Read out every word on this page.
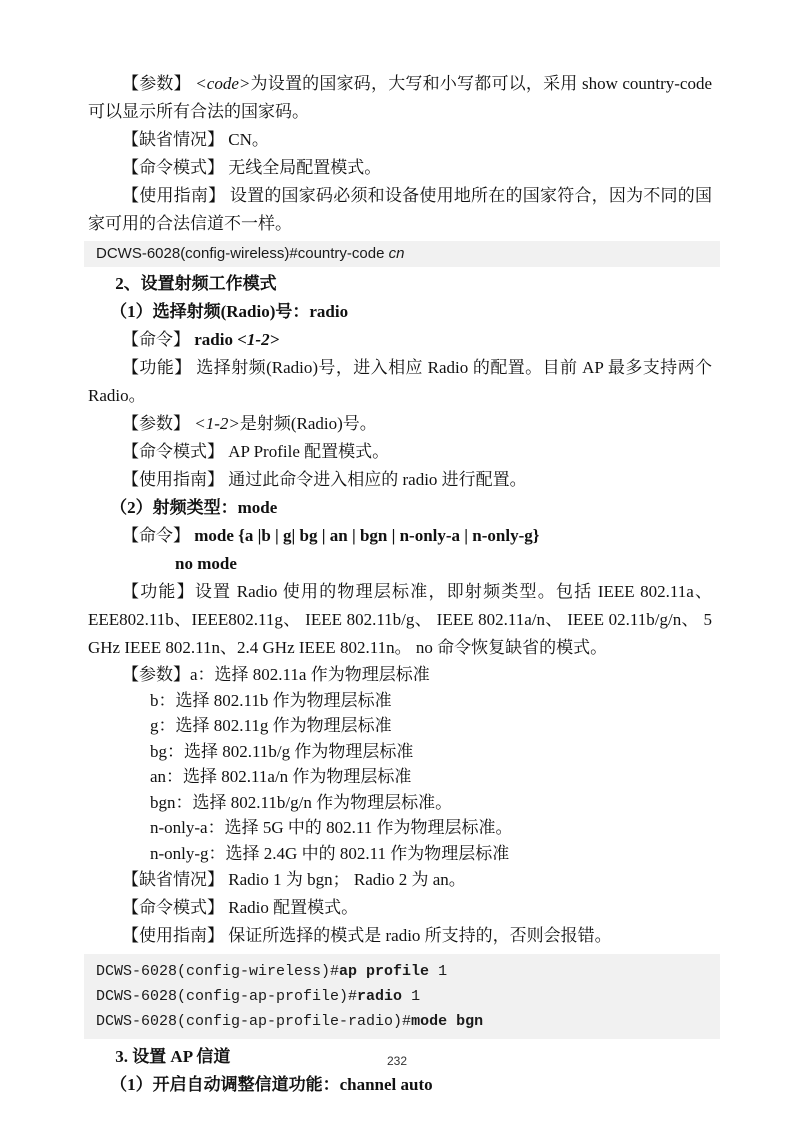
【参数】 <code>为设置的国家码，大写和小写都可以，采用 show country-code 可以显示所有合法的国家码。

【缺省情况】 CN。

【命令模式】 无线全局配置模式。

【使用指南】 设置的国家码必须和设备使用地所在的国家符合，因为不同的国家可用的合法信道不一样。

DCWS-6028(config-wireless)#country-code cn

2、设置射频工作模式

（1）选择射频(Radio)号：radio

【命令】 radio <1-2>

【功能】 选择射频(Radio)号，进入相应 Radio 的配置。目前 AP 最多支持两个 Radio。

【参数】 <1-2>是射频(Radio)号。

【命令模式】 AP Profile 配置模式。

【使用指南】 通过此命令进入相应的 radio 进行配置。

（2）射频类型：mode

【命令】 mode {a |b | g| bg | an | bgn | n-only-a | n-only-g}

no mode

【功能】设置 Radio 使用的物理层标准，即射频类型。包括 IEEE 802.11a、EEE802.11b、IEEE802.11g、 IEEE 802.11b/g、 IEEE 802.11a/n、 IEEE 02.11b/g/n、 5 GHz IEEE 802.11n、2.4 GHz IEEE 802.11n。 no 命令恢复缺省的模式。

【参数】a：选择 802.11a 作为物理层标准

b：选择 802.11b 作为物理层标准

g：选择 802.11g 作为物理层标准

bg：选择 802.11b/g 作为物理层标准

an：选择 802.11a/n 作为物理层标准

bgn：选择 802.11b/g/n 作为物理层标准。

n-only-a：选择 5G 中的 802.11 作为物理层标准。

n-only-g：选择 2.4G 中的 802.11 作为物理层标准

【缺省情况】 Radio 1 为 bgn； Radio 2 为 an。

【命令模式】 Radio 配置模式。

【使用指南】 保证所选择的模式是 radio 所支持的，否则会报错。

DCWS-6028(config-wireless)#ap profile 1

DCWS-6028(config-ap-profile)#radio 1

DCWS-6028(config-ap-profile-radio)#mode bgn

3. 设置 AP 信道

（1）开启自动调整信道功能：channel auto

232
